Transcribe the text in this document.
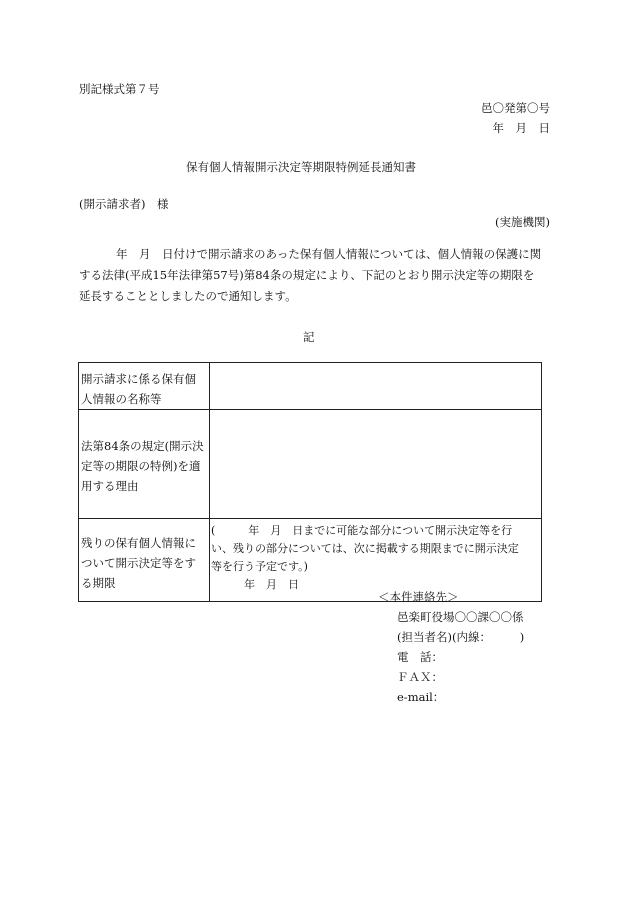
別記様式第７号
邑〇発第〇号
年　月　日
保有個人情報開示決定等期限特例延長通知書
(開示請求者)　様
(実施機関)

年　月　日付けで開示請求のあった保有個人情報については、個人情報の保護に関

する法律(平成15年法律第57号)第84条の規定により、下記のとおり開示決定等の期限を

延長することとしましたので通知します。

記
開示請求に係る保有個
人情報の名称等	

法第84条の規定(開示決
定等の期限の特例)を適
用する理由	

残りの保有個人情報に
ついて開示決定等をす
る期限	(　　　年　月　日までに可能な部分について開示決定等を行
い、残りの部分については、次に掲載する期限までに開示決定
等を行う予定です。)
年　月　日
＜本件連絡先＞
邑楽町役場〇〇課〇〇係
(担当者名)(内線：　　　)
電　話：
ＦＡＸ：
e-mail：
